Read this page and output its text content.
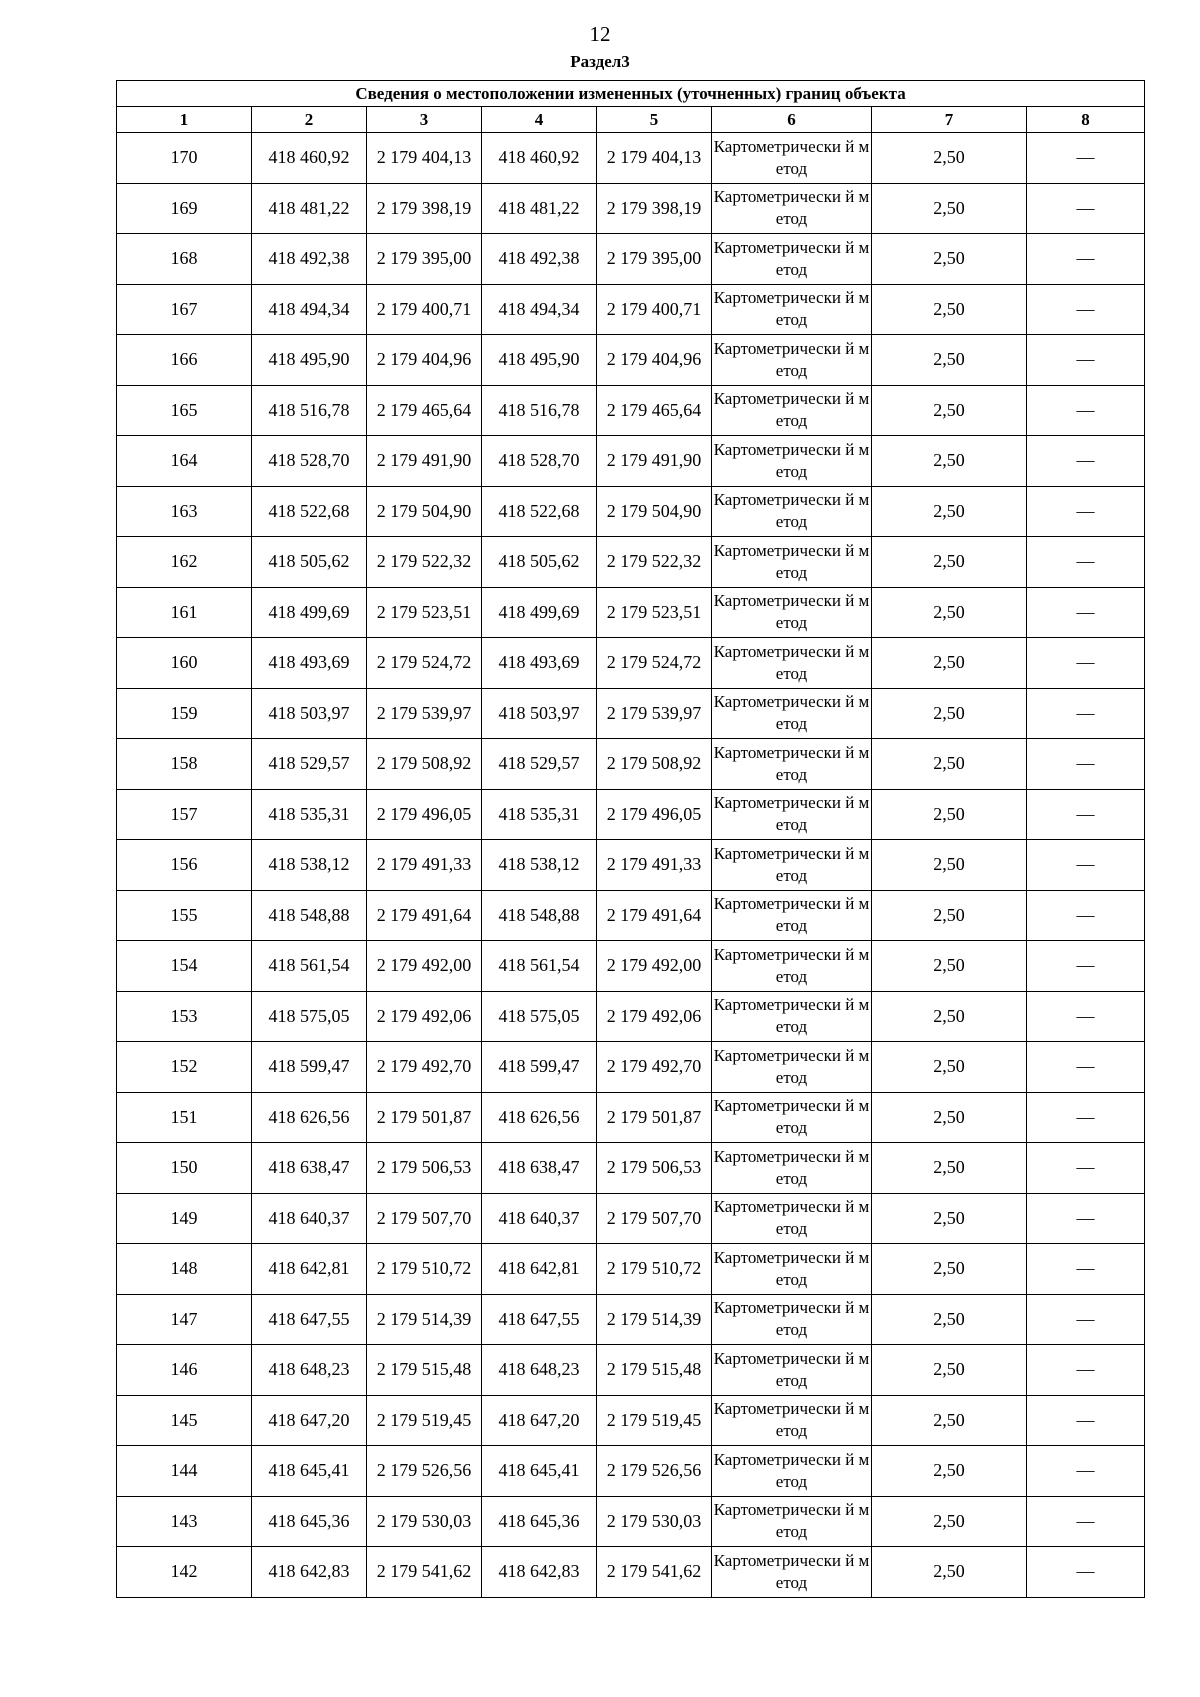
12
Раздел3
Сведения о местоположении измененных (уточненных) границ объекта							
1	2	3	4	5	6	7	8
170	418 460,92	2 179 404,13	418 460,92	2 179 404,13	Картометрически й метод	2,50	—
169	418 481,22	2 179 398,19	418 481,22	2 179 398,19	Картометрически й метод	2,50	—
168	418 492,38	2 179 395,00	418 492,38	2 179 395,00	Картометрически й метод	2,50	—
167	418 494,34	2 179 400,71	418 494,34	2 179 400,71	Картометрически й метод	2,50	—
166	418 495,90	2 179 404,96	418 495,90	2 179 404,96	Картометрически й метод	2,50	—
165	418 516,78	2 179 465,64	418 516,78	2 179 465,64	Картометрически й метод	2,50	—
164	418 528,70	2 179 491,90	418 528,70	2 179 491,90	Картометрически й метод	2,50	—
163	418 522,68	2 179 504,90	418 522,68	2 179 504,90	Картометрически й метод	2,50	—
162	418 505,62	2 179 522,32	418 505,62	2 179 522,32	Картометрически й метод	2,50	—
161	418 499,69	2 179 523,51	418 499,69	2 179 523,51	Картометрически й метод	2,50	—
160	418 493,69	2 179 524,72	418 493,69	2 179 524,72	Картометрически й метод	2,50	—
159	418 503,97	2 179 539,97	418 503,97	2 179 539,97	Картометрически й метод	2,50	—
158	418 529,57	2 179 508,92	418 529,57	2 179 508,92	Картометрически й метод	2,50	—
157	418 535,31	2 179 496,05	418 535,31	2 179 496,05	Картометрически й метод	2,50	—
156	418 538,12	2 179 491,33	418 538,12	2 179 491,33	Картометрически й метод	2,50	—
155	418 548,88	2 179 491,64	418 548,88	2 179 491,64	Картометрически й метод	2,50	—
154	418 561,54	2 179 492,00	418 561,54	2 179 492,00	Картометрически й метод	2,50	—
153	418 575,05	2 179 492,06	418 575,05	2 179 492,06	Картометрически й метод	2,50	—
152	418 599,47	2 179 492,70	418 599,47	2 179 492,70	Картометрически й метод	2,50	—
151	418 626,56	2 179 501,87	418 626,56	2 179 501,87	Картометрически й метод	2,50	—
150	418 638,47	2 179 506,53	418 638,47	2 179 506,53	Картометрически й метод	2,50	—
149	418 640,37	2 179 507,70	418 640,37	2 179 507,70	Картометрически й метод	2,50	—
148	418 642,81	2 179 510,72	418 642,81	2 179 510,72	Картометрически й метод	2,50	—
147	418 647,55	2 179 514,39	418 647,55	2 179 514,39	Картометрически й метод	2,50	—
146	418 648,23	2 179 515,48	418 648,23	2 179 515,48	Картометрически й метод	2,50	—
145	418 647,20	2 179 519,45	418 647,20	2 179 519,45	Картометрически й метод	2,50	—
144	418 645,41	2 179 526,56	418 645,41	2 179 526,56	Картометрически й метод	2,50	—
143	418 645,36	2 179 530,03	418 645,36	2 179 530,03	Картометрически й метод	2,50	—
142	418 642,83	2 179 541,62	418 642,83	2 179 541,62	Картометрически й метод	2,50	—
